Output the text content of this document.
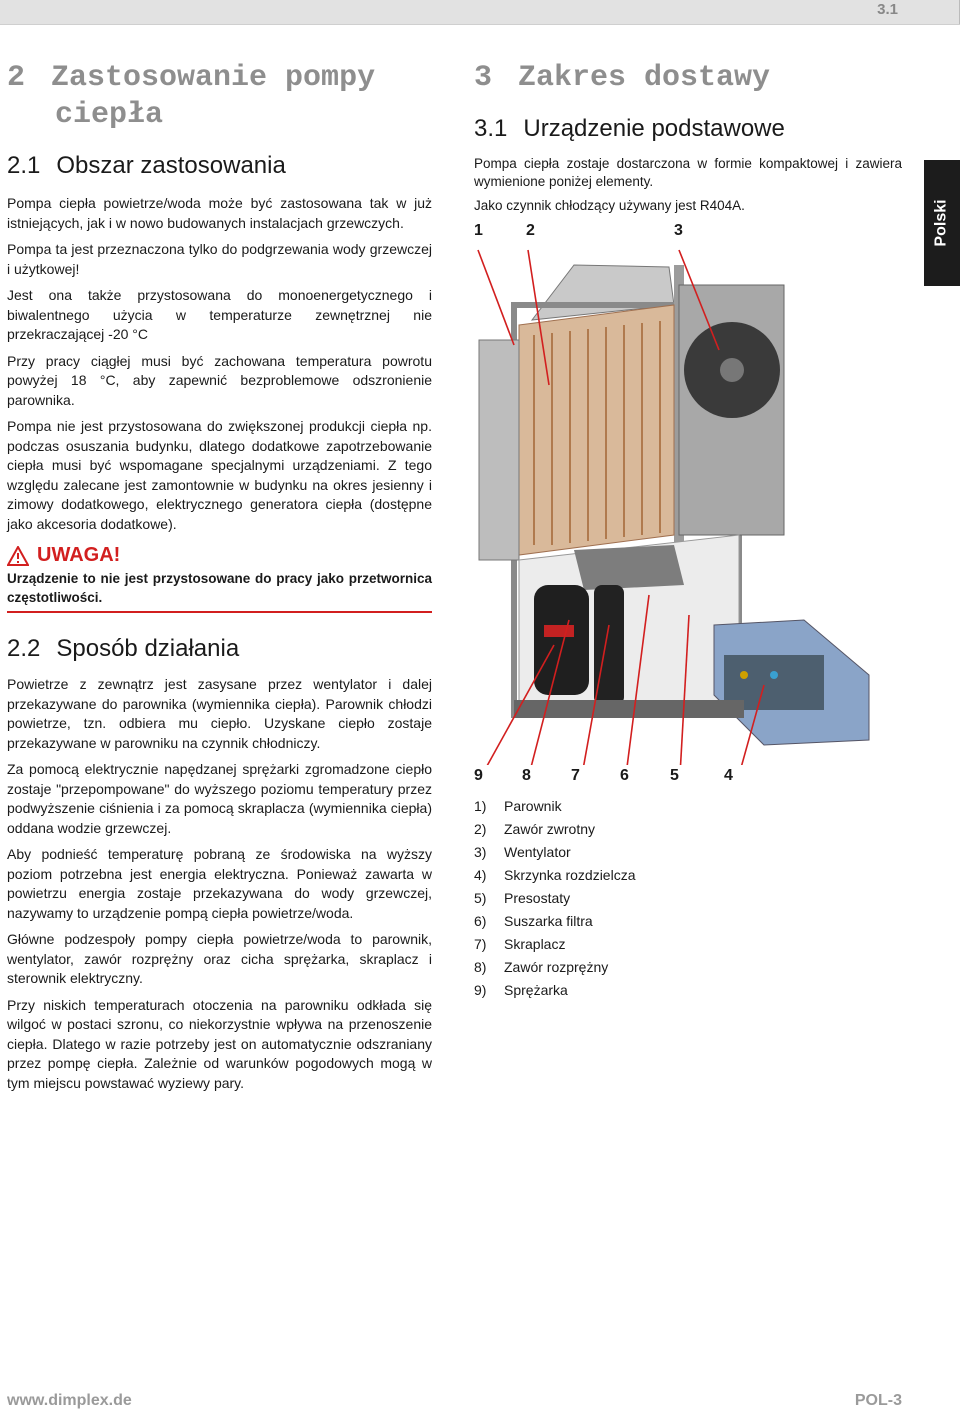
3.1
Polski
2 Zastosowanie pompy
ciepła
2.1 Obszar zastosowania

Pompa ciepła powietrze/woda może być zastosowana tak w już istniejących, jak i w nowo budowanych instalacjach grzewczych.

Pompa ta jest przeznaczona tylko do podgrzewania wody grzewczej i użytkowej!

Jest ona także przystosowana do monoenergetycznego i biwalentnego użycia w temperaturze zewnętrznej nie przekraczającej -20 °C

Przy pracy ciągłej musi być zachowana temperatura powrotu powyżej 18 °C, aby zapewnić bezproblemowe odszronienie parownika.

Pompa nie jest przystosowana do zwiększonej produkcji ciepła np. podczas osuszania budynku, dlatego dodatkowe zapotrzebowanie ciepła musi być wspomagane specjalnymi urządzeniami. Z tego względu zalecane jest zamontownie w budynku na okres jesienny i zimowy dodatkowego, elektrycznego generatora ciepła (dostępne jako akcesoria dodatkowe).

UWAGA!

Urządzenie to nie jest przystosowane do pracy jako przetwornica częstotliwości.

2.2 Sposób działania

Powietrze z zewnątrz jest zasysane przez wentylator i dalej przekazywane do parownika (wymiennika ciepła). Parownik chłodzi powietrze, tzn. odbiera mu ciepło. Uzyskane ciepło zostaje przekazywane w parowniku na czynnik chłodniczy.

Za pomocą elektrycznie napędzanej sprężarki zgromadzone ciepło zostaje "przepompowane" do wyższego poziomu temperatury przez podwyższenie ciśnienia i za pomocą skraplacza (wymiennika ciepła) oddana wodzie grzewczej.

Aby podnieść temperaturę pobraną ze środowiska na wyższy poziom potrzebna jest energia elektryczna. Ponieważ zawarta w powietrzu energia zostaje przekazywana do wody grzewczej, nazywamy to urządzenie pompą ciepła powietrze/woda.

Główne podzespoły pompy ciepła powietrze/woda to parownik, wentylator, zawór rozprężny oraz cicha sprężarka, skraplacz i sterownik elektryczny.

Przy niskich temperaturach otoczenia na parowniku odkłada się wilgoć w postaci szronu, co niekorzystnie wpływa na przenoszenie ciepła. Dlatego w razie potrzeby jest on automatycznie odszraniany przez pompę ciepła. Zależnie od warunków pogodowych mogą w tym miejscu powstawać wyziewy pary.

3 Zakres dostawy
3.1 Urządzenie podstawowe

Pompa ciepła zostaje dostarczona w formie kompaktowej i zawiera wymienione poniżej elementy.

Jako czynnik chłodzący używany jest R404A.

1	2	3
9 8	7	6	5	4
1)	Parownik
2)	Zawór zwrotny
3)	Wentylator
4)	Skrzynka rozdzielcza
5)	Presostaty
6)	Suszarka filtra
7)	Skraplacz
8)	Zawór rozprężny
9)	Sprężarka
www.dimplex.de	POL-3
